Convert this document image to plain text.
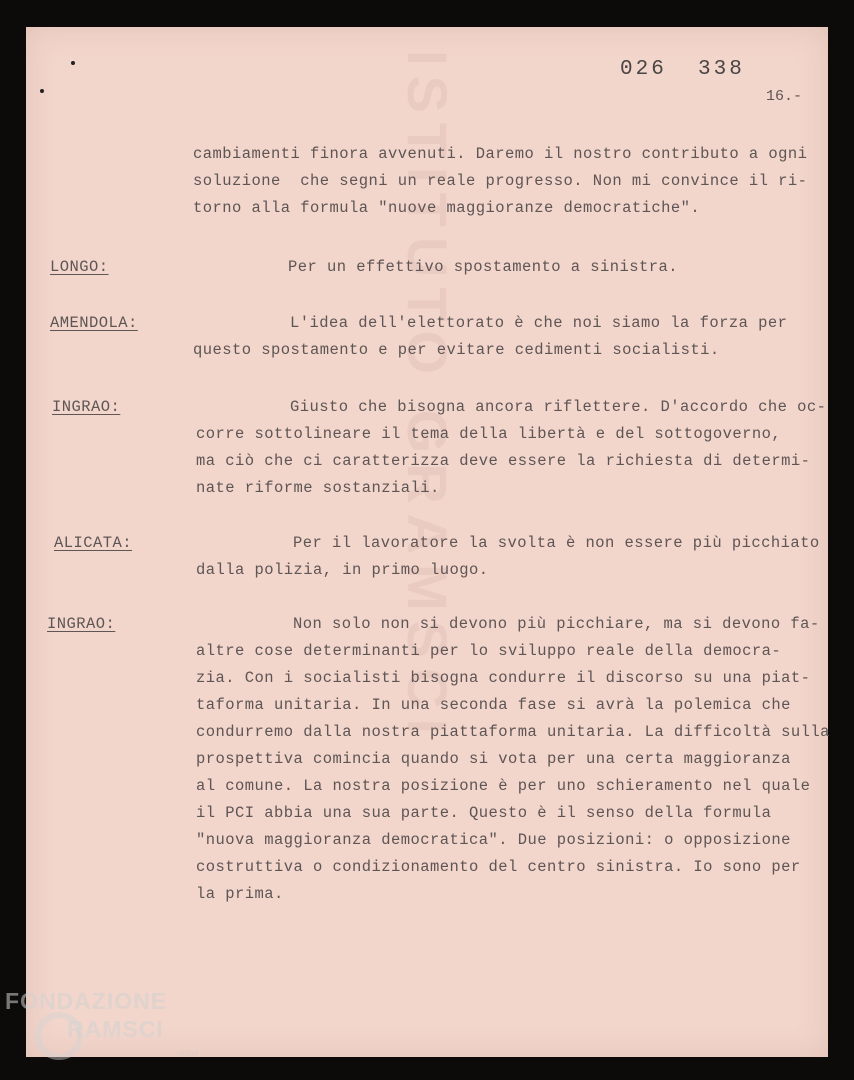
ISTITUTO GRAMSCI	026  338
16.-
cambiamenti finora avvenuti. Daremo il nostro contributo a ogni
soluzione  che segni un reale progresso. Non mi convince il ri-
torno alla formula "nuove maggioranze democratiche".
LONGO:	Per un effettivo spostamento a sinistra.
AMENDOLA:	L'idea dell'elettorato è che noi siamo la forza per
questo spostamento e per evitare cedimenti socialisti.
INGRAO:	Giusto che bisogna ancora riflettere. D'accordo che oc-
corre sottolineare il tema della libertà e del sottogoverno,
ma ciò che ci caratterizza deve essere la richiesta di determi-
nate riforme sostanziali.
ALICATA:	Per il lavoratore la svolta è non essere più picchiato
dalla polizia, in primo luogo.
INGRAO:	Non solo non si devono più picchiare, ma si devono fa-
altre cose determinanti per lo sviluppo reale della democra-
zia. Con i socialisti bisogna condurre il discorso su una piat-
taforma unitaria. In una seconda fase si avrà la polemica che
condurremo dalla nostra piattaforma unitaria. La difficoltà sulla
prospettiva comincia quando si vota per una certa maggioranza
al comune. La nostra posizione è per uno schieramento nel quale
il PCI abbia una sua parte. Questo è il senso della formula
"nuova maggioranza democratica". Due posizioni: o opposizione
costruttiva o condizionamento del centro sinistra. Io sono per
la prima.
FONDAZIONE
RAMSCI
onlus
